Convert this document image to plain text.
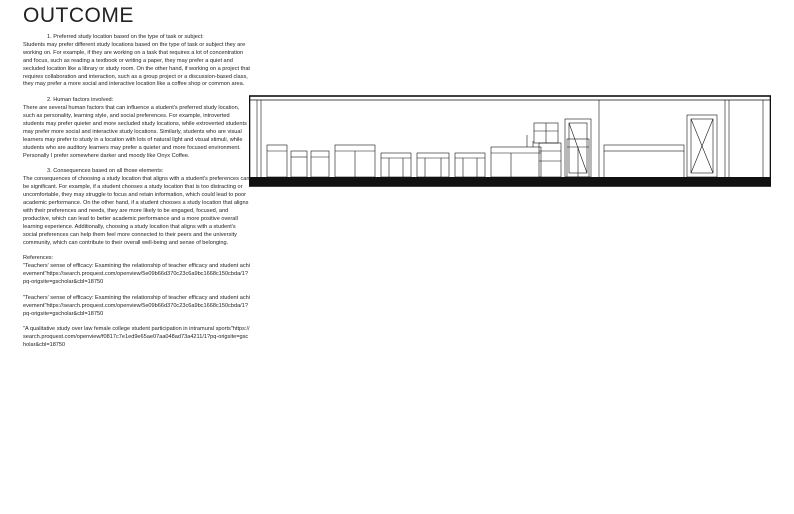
OUTCOME
1. Preferred study location based on the type of task or subject:
Students may prefer different study locations based on the type of task or subject they are working on. For example, if they are working on a task that requires a lot of concentration and focus, such as reading a textbook or writing a paper, they may prefer a quiet and secluded location like a library or study room. On the other hand, if working on a project that requires collaboration and interaction, such as a group project or a discussion-based class, they may prefer a more social and interactive location like a coffee shop or common area.
2. Human factors involved:
There are several human factors that can influence a student's preferred study location, such as personality, learning style, and social preferences. For example, introverted students may prefer quieter and more secluded study locations, while extroverted students may prefer more social and interactive study locations. Similarly, students who are visual learners may prefer to study in a location with lots of natural light and visual stimuli, while students who are auditory learners may prefer a quieter and more focused environment. Personally I prefer somewhere darker and moody like Onyx Coffee.
3. Consequences based on all those elements:
The consequences of choosing a study location that aligns with a student's preferences can be significant. For example, if a student chooses a study location that is too distracting or uncomfortable, they may struggle to focus and retain information, which could lead to poor academic performance. On the other hand, if a student chooses a study location that aligns with their preferences and needs, they are more likely to be engaged, focused, and productive, which can lead to better academic performance and a more positive overall learning experience. Additionally, choosing a study location that aligns with a student's social preferences can help them feel more connected to their peers and the university community, which can contribute to their overall well-being and sense of belonging.
References:
"Teachers' sense of efficacy: Examining the relationship of teacher efficacy and student achievement"https://search.proquest.com/openview/5e09b66d370c23c6a9bc1668c150cbda/1?pq-origsite=gscholar&cbl=18750
"Teachers' sense of efficacy: Examining the relationship of teacher efficacy and student achievement"https://search.proquest.com/openview/5e09b66d370c23c6a9bc1668c150cbda/1?pq-origsite=gscholar&cbl=18750
"A qualitative study over law female college student participation in intramural sports"https://search.proquest.com/openview/f0817c7e1ed9e65ae07aa048ad73a4211/1?pq-origsite=gscholar&cbl=18750
